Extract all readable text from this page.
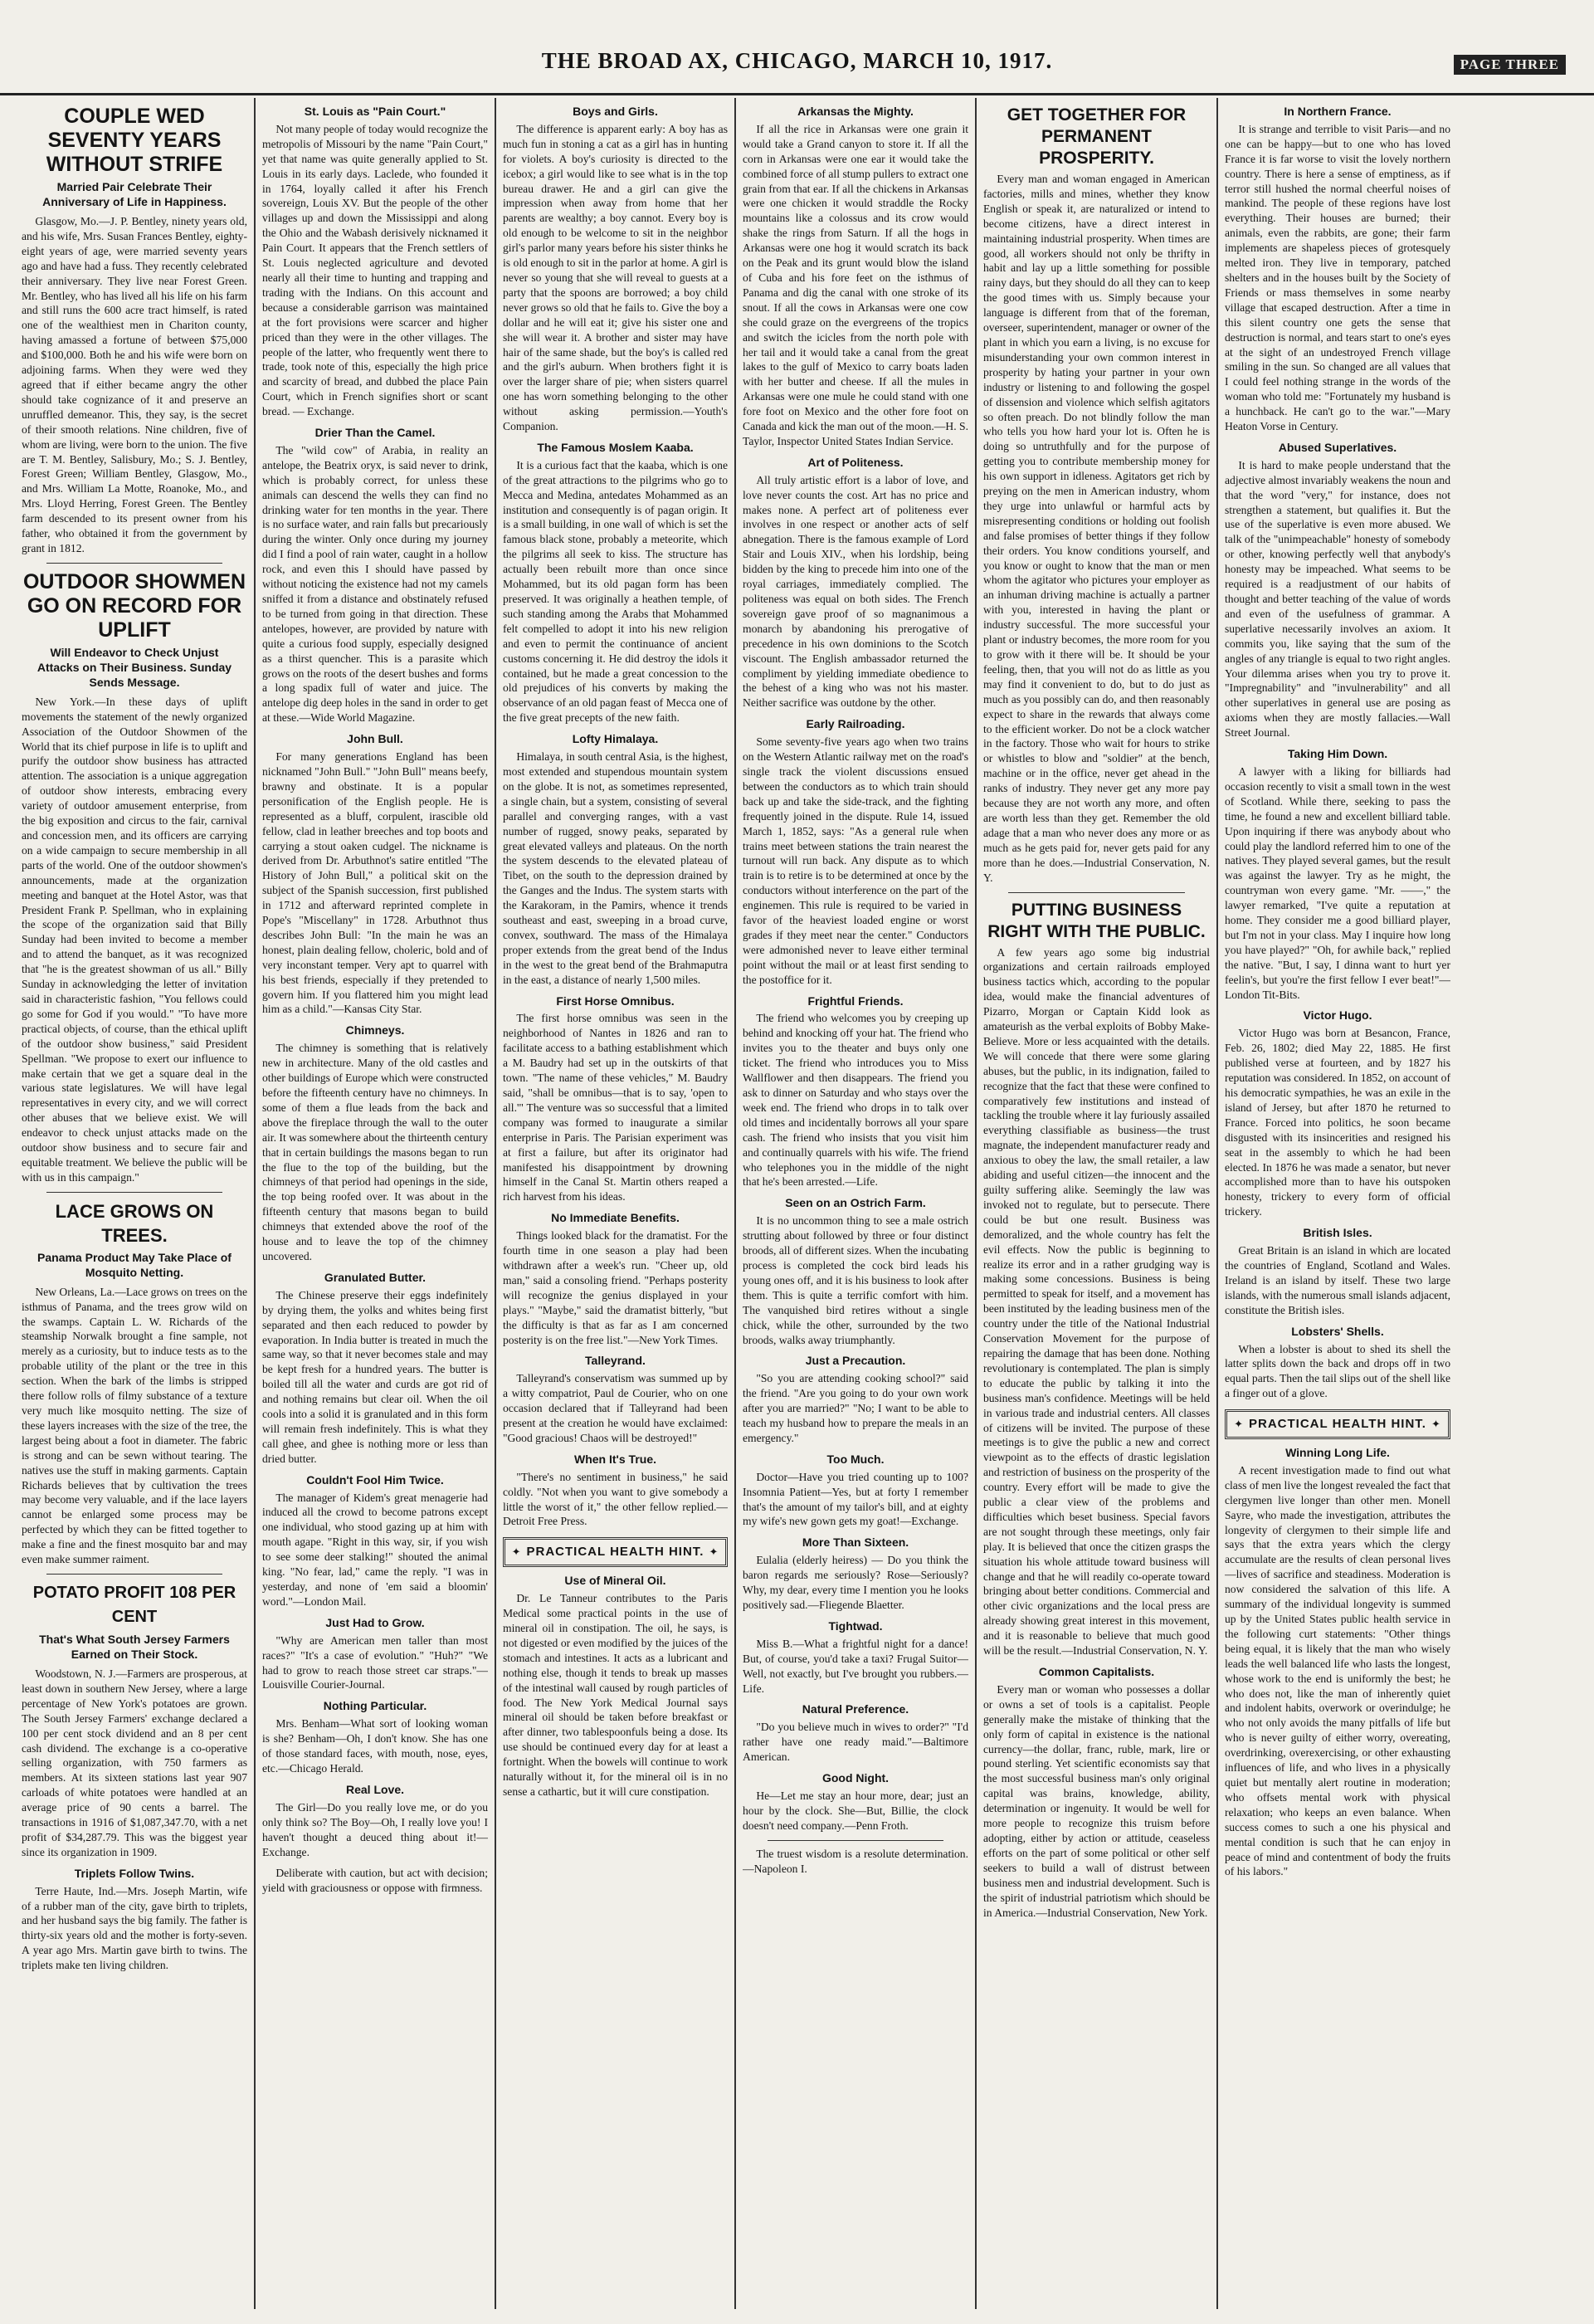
THE BROAD AX, CHICAGO, MARCH 10, 1917.	PAGE THREE
COUPLE WED SEVENTY YEARS WITHOUT STRIFE
Married Pair Celebrate Their Anniversary of Life in Happiness.

Glasgow, Mo.—J. P. Bentley, ninety years old, and his wife, Mrs. Susan Frances Bentley, eighty-eight years of age, were married seventy years ago and have had a fuss. They recently celebrated their anniversary. They live near Forest Green. Mr. Bentley, who has lived all his life on his farm and still runs the 600 acre tract himself, is rated one of the wealthiest men in Chariton county, having amassed a fortune of between $75,000 and $100,000. Both he and his wife were born on adjoining farms. When they were wed they agreed that if either became angry the other should take cognizance of it and preserve an unruffled demeanor. This, they say, is the secret of their smooth relations. Nine children, five of whom are living, were born to the union. The five are T. M. Bentley, Salisbury, Mo.; S. J. Bentley, Forest Green; William Bentley, Glasgow, Mo., and Mrs. William La Motte, Roanoke, Mo., and Mrs. Lloyd Herring, Forest Green. The Bentley farm descended to its present owner from his father, who obtained it from the government by grant in 1812.

OUTDOOR SHOWMEN GO ON RECORD FOR UPLIFT
Will Endeavor to Check Unjust Attacks on Their Business. Sunday Sends Message.

New York.—In these days of uplift movements the statement of the newly organized Association of the Outdoor Showmen of the World that its chief purpose in life is to uplift and purify the outdoor show business has attracted attention. The association is a unique aggregation of outdoor show interests, embracing every variety of outdoor amusement enterprise, from the big exposition and circus to the fair, carnival and concession men, and its officers are carrying on a wide campaign to secure membership in all parts of the world. One of the outdoor showmen's announcements, made at the organization meeting and banquet at the Hotel Astor, was that President Frank P. Spellman, who in explaining the scope of the organization said that Billy Sunday had been invited to become a member and to attend the banquet, as it was recognized that "he is the greatest showman of us all." Billy Sunday in acknowledging the letter of invitation said in characteristic fashion, "You fellows could go some for God if you would." "To have more practical objects, of course, than the ethical uplift of the outdoor show business," said President Spellman. "We propose to exert our influence to make certain that we get a square deal in the various state legislatures. We will have legal representatives in every city, and we will correct other abuses that we believe exist. We will endeavor to check unjust attacks made on the outdoor show business and to secure fair and equitable treatment. We believe the public will be with us in this campaign."

LACE GROWS ON TREES.
Panama Product May Take Place of Mosquito Netting.

New Orleans, La.—Lace grows on trees on the isthmus of Panama, and the trees grow wild on the swamps. Captain L. W. Richards of the steamship Norwalk brought a fine sample, not merely as a curiosity, but to induce tests as to the probable utility of the plant or the tree in this section. When the bark of the limbs is stripped there follow rolls of filmy substance of a texture very much like mosquito netting. The size of these layers increases with the size of the tree, the largest being about a foot in diameter. The fabric is strong and can be sewn without tearing. The natives use the stuff in making garments. Captain Richards believes that by cultivation the trees may become very valuable, and if the lace layers cannot be enlarged some process may be perfected by which they can be fitted together to make a fine and the finest mosquito bar and may even make summer raiment.

POTATO PROFIT 108 PER CENT
That's What South Jersey Farmers Earned on Their Stock.

Woodstown, N. J.—Farmers are prosperous, at least down in southern New Jersey, where a large percentage of New York's potatoes are grown. The South Jersey Farmers' exchange declared a 100 per cent stock dividend and an 8 per cent cash dividend. The exchange is a co-operative selling organization, with 750 farmers as members. At its sixteen stations last year 907 carloads of white potatoes were handled at an average price of 90 cents a barrel. The transactions in 1916 of $1,087,347.70, with a net profit of $34,287.79. This was the biggest year since its organization in 1909.

Triplets Follow Twins.

Terre Haute, Ind.—Mrs. Joseph Martin, wife of a rubber man of the city, gave birth to triplets, and her husband says the big family. The father is thirty-six years old and the mother is forty-seven. A year ago Mrs. Martin gave birth to twins. The triplets make ten living children.

St. Louis as "Pain Court."

Not many people of today would recognize the metropolis of Missouri by the name "Pain Court," yet that name was quite generally applied to St. Louis in its early days. Laclede, who founded it in 1764, loyally called it after his French sovereign, Louis XV. But the people of the other villages up and down the Mississippi and along the Ohio and the Wabash derisively nicknamed it Pain Court. It appears that the French settlers of St. Louis neglected agriculture and devoted nearly all their time to hunting and trapping and trading with the Indians. On this account and because a considerable garrison was maintained at the fort provisions were scarcer and higher priced than they were in the other villages. The people of the latter, who frequently went there to trade, took note of this, especially the high price and scarcity of bread, and dubbed the place Pain Court, which in French signifies short or scant bread. — Exchange.

Drier Than the Camel.

The "wild cow" of Arabia, in reality an antelope, the Beatrix oryx, is said never to drink, which is probably correct, for unless these animals can descend the wells they can find no drinking water for ten months in the year. There is no surface water, and rain falls but precariously during the winter. Only once during my journey did I find a pool of rain water, caught in a hollow rock, and even this I should have passed by without noticing the existence had not my camels sniffed it from a distance and obstinately refused to be turned from going in that direction. These antelopes, however, are provided by nature with quite a curious food supply, especially designed as a thirst quencher. This is a parasite which grows on the roots of the desert bushes and forms a long spadix full of water and juice. The antelope dig deep holes in the sand in order to get at these.—Wide World Magazine.

John Bull.

For many generations England has been nicknamed "John Bull." "John Bull" means beefy, brawny and obstinate. It is a popular personification of the English people. He is represented as a bluff, corpulent, irascible old fellow, clad in leather breeches and top boots and carrying a stout oaken cudgel. The nickname is derived from Dr. Arbuthnot's satire entitled "The History of John Bull," a political skit on the subject of the Spanish succession, first published in 1712 and afterward reprinted complete in Pope's "Miscellany" in 1728. Arbuthnot thus describes John Bull: "In the main he was an honest, plain dealing fellow, choleric, bold and of very inconstant temper. Very apt to quarrel with his best friends, especially if they pretended to govern him. If you flattered him you might lead him as a child."—Kansas City Star.

Chimneys.

The chimney is something that is relatively new in architecture. Many of the old castles and other buildings of Europe which were constructed before the fifteenth century have no chimneys. In some of them a flue leads from the back and above the fireplace through the wall to the outer air. It was somewhere about the thirteenth century that in certain buildings the masons began to run the flue to the top of the building, but the chimneys of that period had openings in the side, the top being roofed over. It was about in the fifteenth century that masons began to build chimneys that extended above the roof of the house and to leave the top of the chimney uncovered.

Granulated Butter.

The Chinese preserve their eggs indefinitely by drying them, the yolks and whites being first separated and then each reduced to powder by evaporation. In India butter is treated in much the same way, so that it never becomes stale and may be kept fresh for a hundred years. The butter is boiled till all the water and curds are got rid of and nothing remains but clear oil. When the oil cools into a solid it is granulated and in this form will remain fresh indefinitely. This is what they call ghee, and ghee is nothing more or less than dried butter.

Couldn't Fool Him Twice.

The manager of Kidem's great menagerie had induced all the crowd to become patrons except one individual, who stood gazing up at him with mouth agape. "Right in this way, sir, if you wish to see some deer stalking!" shouted the animal king. "No fear, lad," came the reply. "I was in yesterday, and none of 'em said a bloomin' word."—London Mail.

Just Had to Grow.

"Why are American men taller than most races?" "It's a case of evolution." "Huh?" "We had to grow to reach those street car straps."—Louisville Courier-Journal.

Nothing Particular.

Mrs. Benham—What sort of looking woman is she? Benham—Oh, I don't know. She has one of those standard faces, with mouth, nose, eyes, etc.—Chicago Herald.

Real Love.

The Girl—Do you really love me, or do you only think so? The Boy—Oh, I really love you! I haven't thought a deuced thing about it!—Exchange.

Deliberate with caution, but act with decision; yield with graciousness or oppose with firmness.

Boys and Girls.

The difference is apparent early: A boy has as much fun in stoning a cat as a girl has in hunting for violets. A boy's curiosity is directed to the icebox; a girl would like to see what is in the top bureau drawer. He and a girl can give the impression when away from home that her parents are wealthy; a boy cannot. Every boy is old enough to be welcome to sit in the neighbor girl's parlor many years before his sister thinks he is old enough to sit in the parlor at home. A girl is never so young that she will reveal to guests at a party that the spoons are borrowed; a boy child never grows so old that he fails to. Give the boy a dollar and he will eat it; give his sister one and she will wear it. A brother and sister may have hair of the same shade, but the boy's is called red and the girl's auburn. When brothers fight it is over the larger share of pie; when sisters quarrel one has worn something belonging to the other without asking permission.—Youth's Companion.

The Famous Moslem Kaaba.

It is a curious fact that the kaaba, which is one of the great attractions to the pilgrims who go to Mecca and Medina, antedates Mohammed as an institution and consequently is of pagan origin. It is a small building, in one wall of which is set the famous black stone, probably a meteorite, which the pilgrims all seek to kiss. The structure has actually been rebuilt more than once since Mohammed, but its old pagan form has been preserved. It was originally a heathen temple, of such standing among the Arabs that Mohammed felt compelled to adopt it into his new religion and even to permit the continuance of ancient customs concerning it. He did destroy the idols it contained, but he made a great concession to the old prejudices of his converts by making the observance of an old pagan feast of Mecca one of the five great precepts of the new faith.

Lofty Himalaya.

Himalaya, in south central Asia, is the highest, most extended and stupendous mountain system on the globe. It is not, as sometimes represented, a single chain, but a system, consisting of several parallel and converging ranges, with a vast number of rugged, snowy peaks, separated by great elevated valleys and plateaus. On the north the system descends to the elevated plateau of Tibet, on the south to the depression drained by the Ganges and the Indus. The system starts with the Karakoram, in the Pamirs, whence it trends southeast and east, sweeping in a broad curve, convex, southward. The mass of the Himalaya proper extends from the great bend of the Indus in the west to the great bend of the Brahmaputra in the east, a distance of nearly 1,500 miles.

First Horse Omnibus.

The first horse omnibus was seen in the neighborhood of Nantes in 1826 and ran to facilitate access to a bathing establishment which a M. Baudry had set up in the outskirts of that town. "The name of these vehicles," M. Baudry said, "shall be omnibus—that is to say, 'open to all.'" The venture was so successful that a limited company was formed to inaugurate a similar enterprise in Paris. The Parisian experiment was at first a failure, but after its originator had manifested his disappointment by drowning himself in the Canal St. Martin others reaped a rich harvest from his ideas.

No Immediate Benefits.

Things looked black for the dramatist. For the fourth time in one season a play had been withdrawn after a week's run. "Cheer up, old man," said a consoling friend. "Perhaps posterity will recognize the genius displayed in your plays." "Maybe," said the dramatist bitterly, "but the difficulty is that as far as I am concerned posterity is on the free list."—New York Times.

Talleyrand.

Talleyrand's conservatism was summed up by a witty compatriot, Paul de Courier, who on one occasion declared that if Talleyrand had been present at the creation he would have exclaimed: "Good gracious! Chaos will be destroyed!"

When It's True.

"There's no sentiment in business," he said coldly. "Not when you want to give somebody a little the worst of it," the other fellow replied.—Detroit Free Press.

✦ PRACTICAL HEALTH HINT. ✦
Use of Mineral Oil.

Dr. Le Tanneur contributes to the Paris Medical some practical points in the use of mineral oil in constipation. The oil, he says, is not digested or even modified by the juices of the stomach and intestines. It acts as a lubricant and nothing else, though it tends to break up masses of the intestinal wall caused by rough particles of food. The New York Medical Journal says mineral oil should be taken before breakfast or after dinner, two tablespoonfuls being a dose. Its use should be continued every day for at least a fortnight. When the bowels will continue to work naturally without it, for the mineral oil is in no sense a cathartic, but it will cure constipation.

Arkansas the Mighty.

If all the rice in Arkansas were one grain it would take a Grand canyon to store it. If all the corn in Arkansas were one ear it would take the combined force of all stump pullers to extract one grain from that ear. If all the chickens in Arkansas were one chicken it would straddle the Rocky mountains like a colossus and its crow would shake the rings from Saturn. If all the hogs in Arkansas were one hog it would scratch its back on the Peak and its grunt would blow the island of Cuba and his fore feet on the isthmus of Panama and dig the canal with one stroke of its snout. If all the cows in Arkansas were one cow she could graze on the evergreens of the tropics and switch the icicles from the north pole with her tail and it would take a canal from the great lakes to the gulf of Mexico to carry boats laden with her butter and cheese. If all the mules in Arkansas were one mule he could stand with one fore foot on Mexico and the other fore foot on Canada and kick the man out of the moon.—H. S. Taylor, Inspector United States Indian Service.

Art of Politeness.

All truly artistic effort is a labor of love, and love never counts the cost. Art has no price and makes none. A perfect art of politeness ever involves in one respect or another acts of self abnegation. There is the famous example of Lord Stair and Louis XIV., when his lordship, being bidden by the king to precede him into one of the royal carriages, immediately complied. The politeness was equal on both sides. The French sovereign gave proof of so magnanimous a monarch by abandoning his prerogative of precedence in his own dominions to the Scotch viscount. The English ambassador returned the compliment by yielding immediate obedience to the behest of a king who was not his master. Neither sacrifice was outdone by the other.

Early Railroading.

Some seventy-five years ago when two trains on the Western Atlantic railway met on the road's single track the violent discussions ensued between the conductors as to which train should back up and take the side-track, and the fighting frequently joined in the dispute. Rule 14, issued March 1, 1852, says: "As a general rule when trains meet between stations the train nearest the turnout will run back. Any dispute as to which train is to retire is to be determined at once by the conductors without interference on the part of the enginemen. This rule is required to be varied in favor of the heaviest loaded engine or worst grades if they meet near the center." Conductors were admonished never to leave either terminal point without the mail or at least first sending to the postoffice for it.

Frightful Friends.

The friend who welcomes you by creeping up behind and knocking off your hat. The friend who invites you to the theater and buys only one ticket. The friend who introduces you to Miss Wallflower and then disappears. The friend you ask to dinner on Saturday and who stays over the week end. The friend who drops in to talk over old times and incidentally borrows all your spare cash. The friend who insists that you visit him and continually quarrels with his wife. The friend who telephones you in the middle of the night that he's been arrested.—Life.

Seen on an Ostrich Farm.

It is no uncommon thing to see a male ostrich strutting about followed by three or four distinct broods, all of different sizes. When the incubating process is completed the cock bird leads his young ones off, and it is his business to look after them. This is quite a terrific comfort with him. The vanquished bird retires without a single chick, while the other, surrounded by the two broods, walks away triumphantly.

Just a Precaution.

"So you are attending cooking school?" said the friend. "Are you going to do your own work after you are married?" "No; I want to be able to teach my husband how to prepare the meals in an emergency."

Too Much.

Doctor—Have you tried counting up to 100? Insomnia Patient—Yes, but at forty I remember that's the amount of my tailor's bill, and at eighty my wife's new gown gets my goat!—Exchange.

More Than Sixteen.

Eulalia (elderly heiress) — Do you think the baron regards me seriously? Rose—Seriously? Why, my dear, every time I mention you he looks positively sad.—Fliegende Blaetter.

Tightwad.

Miss B.—What a frightful night for a dance! But, of course, you'd take a taxi? Frugal Suitor—Well, not exactly, but I've brought you rubbers.—Life.

Natural Preference.

"Do you believe much in wives to order?" "I'd rather have one ready maid."—Baltimore American.

Good Night.

He—Let me stay an hour more, dear; just an hour by the clock. She—But, Billie, the clock doesn't need company.—Penn Froth.

The truest wisdom is a resolute determination.—Napoleon I.

GET TOGETHER FOR PERMANENT PROSPERITY.

Every man and woman engaged in American factories, mills and mines, whether they know English or speak it, are naturalized or intend to become citizens, have a direct interest in maintaining industrial prosperity. When times are good, all workers should not only be thrifty in habit and lay up a little something for possible rainy days, but they should do all they can to keep the good times with us. Simply because your language is different from that of the foreman, overseer, superintendent, manager or owner of the plant in which you earn a living, is no excuse for misunderstanding your own common interest in prosperity by hating your partner in your own industry or listening to and following the gospel of dissension and violence which selfish agitators so often preach. Do not blindly follow the man who tells you how hard your lot is. Often he is doing so untruthfully and for the purpose of getting you to contribute membership money for his own support in idleness. Agitators get rich by preying on the men in American industry, whom they urge into unlawful or harmful acts by misrepresenting conditions or holding out foolish and false promises of better things if they follow their orders. You know conditions yourself, and you know or ought to know that the man or men whom the agitator who pictures your employer as an inhuman driving machine is actually a partner with you, interested in having the plant or industry successful. The more successful your plant or industry becomes, the more room for you to grow with it there will be. It should be your feeling, then, that you will not do as little as you may find it convenient to do, but to do just as much as you possibly can do, and then reasonably expect to share in the rewards that always come to the efficient worker. Do not be a clock watcher in the factory. Those who wait for hours to strike or whistles to blow and "soldier" at the bench, machine or in the office, never get ahead in the ranks of industry. They never get any more pay because they are not worth any more, and often are worth less than they get. Remember the old adage that a man who never does any more or as much as he gets paid for, never gets paid for any more than he does.—Industrial Conservation, N. Y.

PUTTING BUSINESS RIGHT WITH THE PUBLIC.

A few years ago some big industrial organizations and certain railroads employed business tactics which, according to the popular idea, would make the financial adventures of Pizarro, Morgan or Captain Kidd look as amateurish as the verbal exploits of Bobby Make-Believe. More or less acquainted with the details. We will concede that there were some glaring abuses, but the public, in its indignation, failed to recognize that the fact that these were confined to comparatively few institutions and instead of tackling the trouble where it lay furiously assailed everything classifiable as business—the trust magnate, the independent manufacturer ready and anxious to obey the law, the small retailer, a law abiding and useful citizen—the innocent and the guilty suffering alike. Seemingly the law was invoked not to regulate, but to persecute. There could be but one result. Business was demoralized, and the whole country has felt the evil effects. Now the public is beginning to realize its error and in a rather grudging way is making some concessions. Business is being permitted to speak for itself, and a movement has been instituted by the leading business men of the country under the title of the National Industrial Conservation Movement for the purpose of repairing the damage that has been done. Nothing revolutionary is contemplated. The plan is simply to educate the public by talking it into the business man's confidence. Meetings will be held in various trade and industrial centers. All classes of citizens will be invited. The purpose of these meetings is to give the public a new and correct viewpoint as to the effects of drastic legislation and restriction of business on the prosperity of the country. Every effort will be made to give the public a clear view of the problems and difficulties which beset business. Special favors are not sought through these meetings, only fair play. It is believed that once the citizen grasps the situation his whole attitude toward business will change and that he will readily co-operate toward bringing about better conditions. Commercial and other civic organizations and the local press are already showing great interest in this movement, and it is reasonable to believe that much good will be the result.—Industrial Conservation, N. Y.

Common Capitalists.

Every man or woman who possesses a dollar or owns a set of tools is a capitalist. People generally make the mistake of thinking that the only form of capital in existence is the national currency—the dollar, franc, ruble, mark, lire or pound sterling. Yet scientific economists say that the most successful business man's only original capital was brains, knowledge, ability, determination or ingenuity. It would be well for more people to recognize this truism before adopting, either by action or attitude, ceaseless efforts on the part of some political or other self seekers to build a wall of distrust between business men and industrial development. Such is the spirit of industrial patriotism which should be in America.—Industrial Conservation, New York.

In Northern France.

It is strange and terrible to visit Paris—and no one can be happy—but to one who has loved France it is far worse to visit the lovely northern country. There is here a sense of emptiness, as if terror still hushed the normal cheerful noises of mankind. The people of these regions have lost everything. Their houses are burned; their animals, even the rabbits, are gone; their farm implements are shapeless pieces of grotesquely melted iron. They live in temporary, patched shelters and in the houses built by the Society of Friends or mass themselves in some nearby village that escaped destruction. After a time in this silent country one gets the sense that destruction is normal, and tears start to one's eyes at the sight of an undestroyed French village smiling in the sun. So changed are all values that I could feel nothing strange in the words of the woman who told me: "Fortunately my husband is a hunchback. He can't go to the war."—Mary Heaton Vorse in Century.

Abused Superlatives.

It is hard to make people understand that the adjective almost invariably weakens the noun and that the word "very," for instance, does not strengthen a statement, but qualifies it. But the use of the superlative is even more abused. We talk of the "unimpeachable" honesty of somebody or other, knowing perfectly well that anybody's honesty may be impeached. What seems to be required is a readjustment of our habits of thought and better teaching of the value of words and even of the usefulness of grammar. A superlative necessarily involves an axiom. It commits you, like saying that the sum of the angles of any triangle is equal to two right angles. Your dilemma arises when you try to prove it. "Impregnability" and "invulnerability" and all other superlatives in general use are posing as axioms when they are mostly fallacies.—Wall Street Journal.

Taking Him Down.

A lawyer with a liking for billiards had occasion recently to visit a small town in the west of Scotland. While there, seeking to pass the time, he found a new and excellent billiard table. Upon inquiring if there was anybody about who could play the landlord referred him to one of the natives. They played several games, but the result was against the lawyer. Try as he might, the countryman won every game. "Mr. ——," the lawyer remarked, "I've quite a reputation at home. They consider me a good billiard player, but I'm not in your class. May I inquire how long you have played?" "Oh, for awhile back," replied the native. "But, I say, I dinna want to hurt yer feelin's, but you're the first fellow I ever beat!"—London Tit-Bits.

Victor Hugo.

Victor Hugo was born at Besancon, France, Feb. 26, 1802; died May 22, 1885. He first published verse at fourteen, and by 1827 his reputation was considered. In 1852, on account of his democratic sympathies, he was an exile in the island of Jersey, but after 1870 he returned to France. Forced into politics, he soon became disgusted with its insincerities and resigned his seat in the assembly to which he had been elected. In 1876 he was made a senator, but never accomplished more than to have his outspoken honesty, trickery to every form of official trickery.

British Isles.

Great Britain is an island in which are located the countries of England, Scotland and Wales. Ireland is an island by itself. These two large islands, with the numerous small islands adjacent, constitute the British isles.

Lobsters' Shells.

When a lobster is about to shed its shell the latter splits down the back and drops off in two equal parts. Then the tail slips out of the shell like a finger out of a glove.

✦ PRACTICAL HEALTH HINT. ✦
Winning Long Life.

A recent investigation made to find out what class of men live the longest revealed the fact that clergymen live longer than other men. Monell Sayre, who made the investigation, attributes the longevity of clergymen to their simple life and says that the extra years which the clergy accumulate are the results of clean personal lives—lives of sacrifice and steadiness. Moderation is now considered the salvation of this life. A summary of the individual longevity is summed up by the United States public health service in the following curt statements: "Other things being equal, it is likely that the man who wisely leads the well balanced life who lasts the longest, whose work to the end is uniformly the best; he who does not, like the man of inherently quiet and indolent habits, overwork or overindulge; he who not only avoids the many pitfalls of life but who is never guilty of either worry, overeating, overdrinking, overexercising, or other exhausting influences of life, and who lives in a physically quiet but mentally alert routine in moderation; who offsets mental work with physical relaxation; who keeps an even balance. When success comes to such a one his physical and mental condition is such that he can enjoy in peace of mind and contentment of body the fruits of his labors."
